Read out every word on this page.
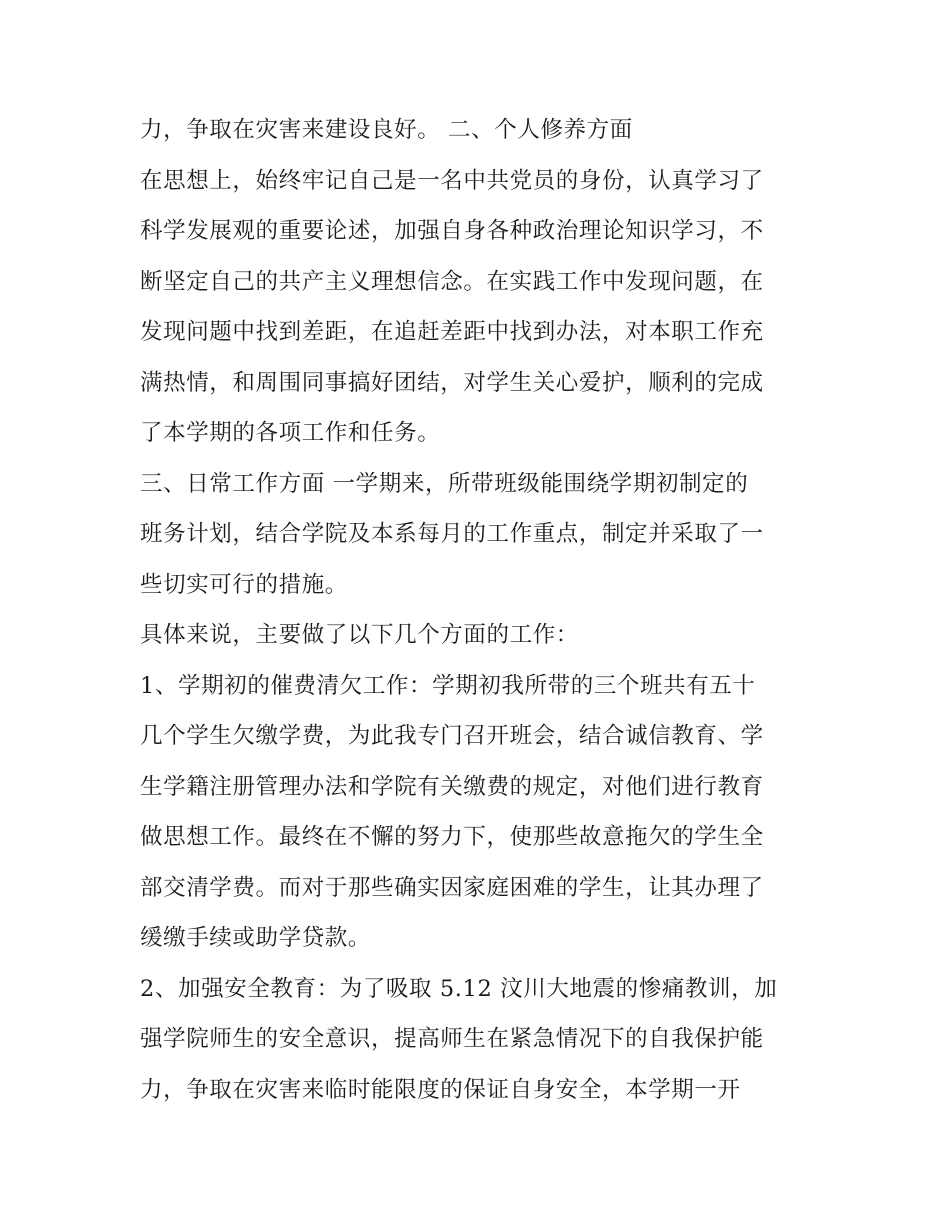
力，争取在灾害来建设良好。 二、个人修养方面
在思想上，始终牢记自己是一名中共党员的身份，认真学习了
科学发展观的重要论述，加强自身各种政治理论知识学习，不
断坚定自己的共产主义理想信念。在实践工作中发现问题，在
发现问题中找到差距，在追赶差距中找到办法，对本职工作充
满热情，和周围同事搞好团结，对学生关心爱护，顺利的完成
了本学期的各项工作和任务。
三、日常工作方面 一学期来，所带班级能围绕学期初制定的
班务计划，结合学院及本系每月的工作重点，制定并采取了一
些切实可行的措施。
具体来说，主要做了以下几个方面的工作：
1、学期初的催费清欠工作：学期初我所带的三个班共有五十
几个学生欠缴学费，为此我专门召开班会，结合诚信教育、学
生学籍注册管理办法和学院有关缴费的规定，对他们进行教育
做思想工作。最终在不懈的努力下，使那些故意拖欠的学生全
部交清学费。而对于那些确实因家庭困难的学生，让其办理了
缓缴手续或助学贷款。
2、加强安全教育：为了吸取 5.12 汶川大地震的惨痛教训，加
强学院师生的安全意识，提高师生在紧急情况下的自我保护能
力，争取在灾害来临时能限度的保证自身安全，本学期一开
